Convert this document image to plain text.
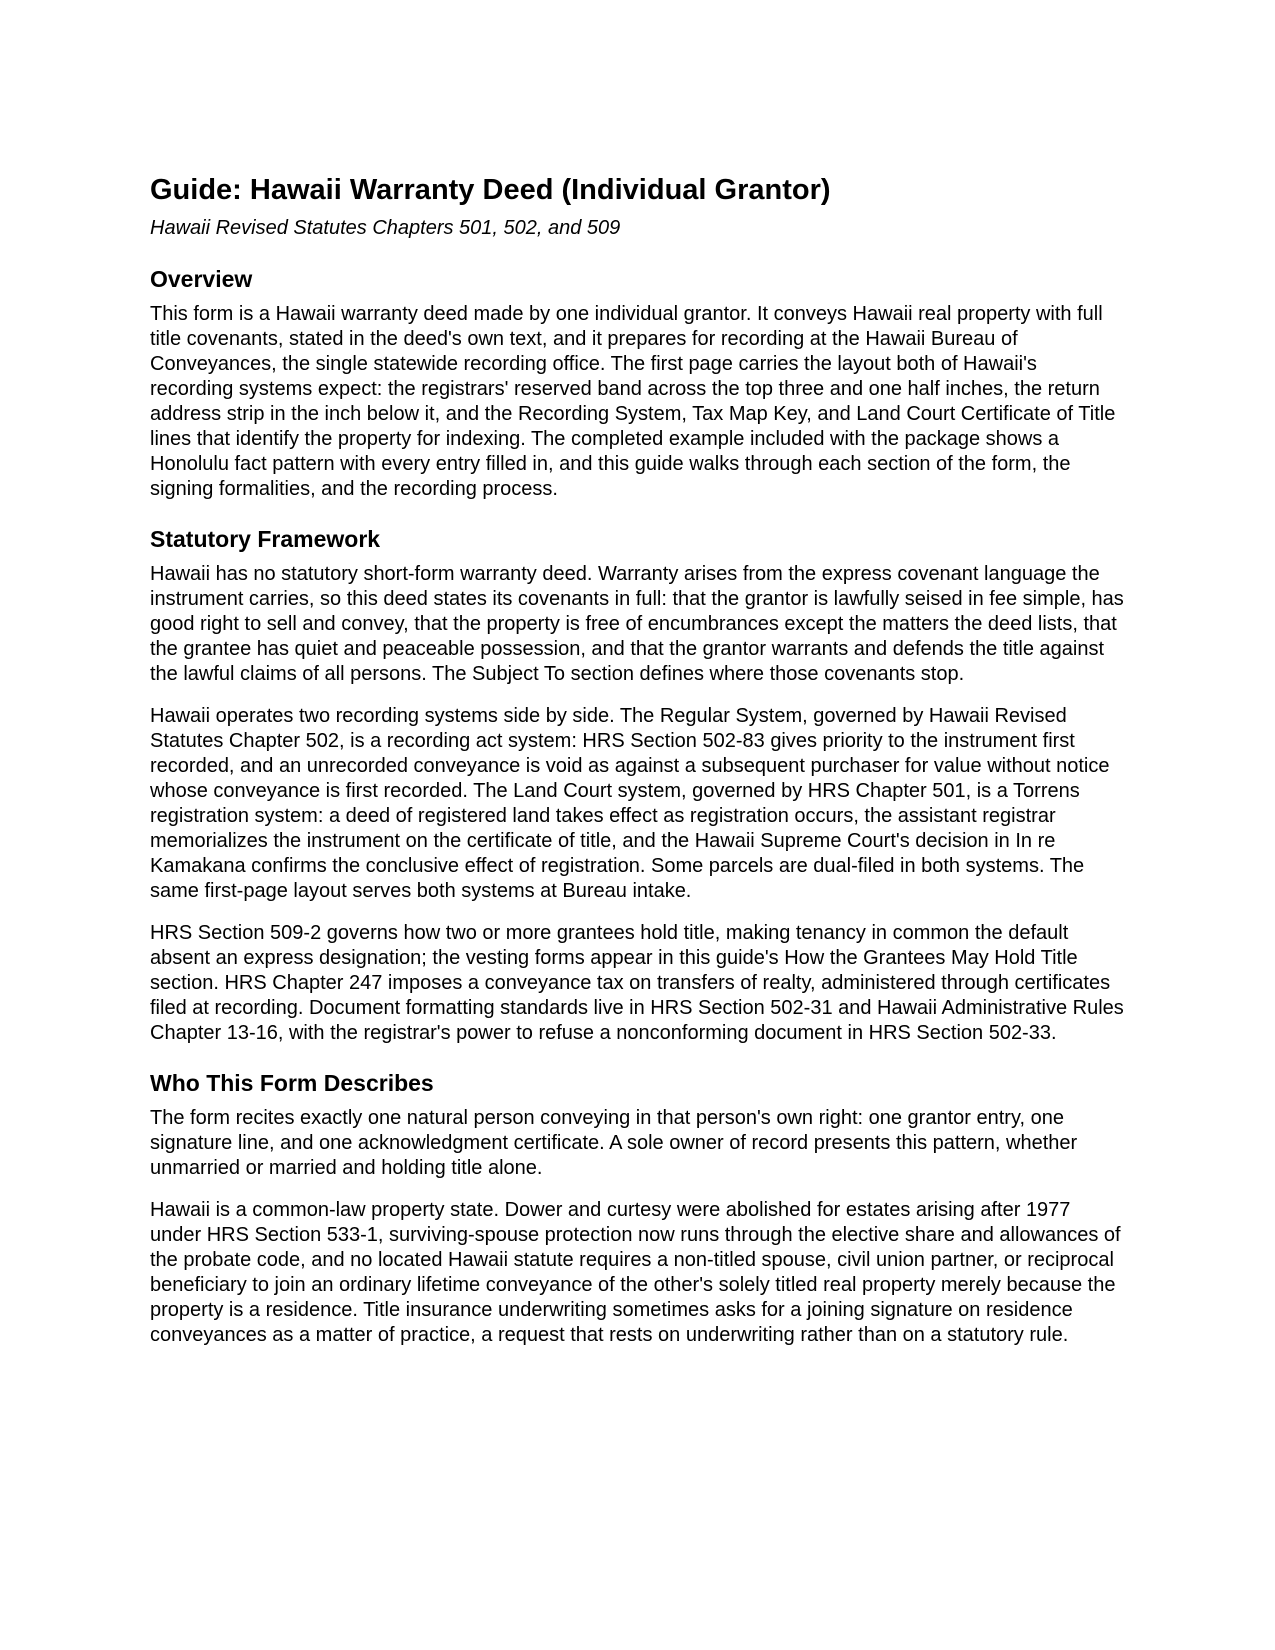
Guide: Hawaii Warranty Deed (Individual Grantor)
Hawaii Revised Statutes Chapters 501, 502, and 509
Overview

This form is a Hawaii warranty deed made by one individual grantor. It conveys Hawaii real property with full title covenants, stated in the deed's own text, and it prepares for recording at the Hawaii Bureau of Conveyances, the single statewide recording office. The first page carries the layout both of Hawaii's recording systems expect: the registrars' reserved band across the top three and one half inches, the return address strip in the inch below it, and the Recording System, Tax Map Key, and Land Court Certificate of Title lines that identify the property for indexing. The completed example included with the package shows a Honolulu fact pattern with every entry filled in, and this guide walks through each section of the form, the signing formalities, and the recording process.

Statutory Framework

Hawaii has no statutory short-form warranty deed. Warranty arises from the express covenant language the instrument carries, so this deed states its covenants in full: that the grantor is lawfully seised in fee simple, has good right to sell and convey, that the property is free of encumbrances except the matters the deed lists, that the grantee has quiet and peaceable possession, and that the grantor warrants and defends the title against the lawful claims of all persons. The Subject To section defines where those covenants stop.

Hawaii operates two recording systems side by side. The Regular System, governed by Hawaii Revised Statutes Chapter 502, is a recording act system: HRS Section 502-83 gives priority to the instrument first recorded, and an unrecorded conveyance is void as against a subsequent purchaser for value without notice whose conveyance is first recorded. The Land Court system, governed by HRS Chapter 501, is a Torrens registration system: a deed of registered land takes effect as registration occurs, the assistant registrar memorializes the instrument on the certificate of title, and the Hawaii Supreme Court's decision in In re Kamakana confirms the conclusive effect of registration. Some parcels are dual-filed in both systems. The same first-page layout serves both systems at Bureau intake.

HRS Section 509-2 governs how two or more grantees hold title, making tenancy in common the default absent an express designation; the vesting forms appear in this guide's How the Grantees May Hold Title section. HRS Chapter 247 imposes a conveyance tax on transfers of realty, administered through certificates filed at recording. Document formatting standards live in HRS Section 502-31 and Hawaii Administrative Rules Chapter 13-16, with the registrar's power to refuse a nonconforming document in HRS Section 502-33.

Who This Form Describes

The form recites exactly one natural person conveying in that person's own right: one grantor entry, one signature line, and one acknowledgment certificate. A sole owner of record presents this pattern, whether unmarried or married and holding title alone.

Hawaii is a common-law property state. Dower and curtesy were abolished for estates arising after 1977 under HRS Section 533-1, surviving-spouse protection now runs through the elective share and allowances of the probate code, and no located Hawaii statute requires a non-titled spouse, civil union partner, or reciprocal beneficiary to join an ordinary lifetime conveyance of the other's solely titled real property merely because the property is a residence. Title insurance underwriting sometimes asks for a joining signature on residence conveyances as a matter of practice, a request that rests on underwriting rather than on a statutory rule.
